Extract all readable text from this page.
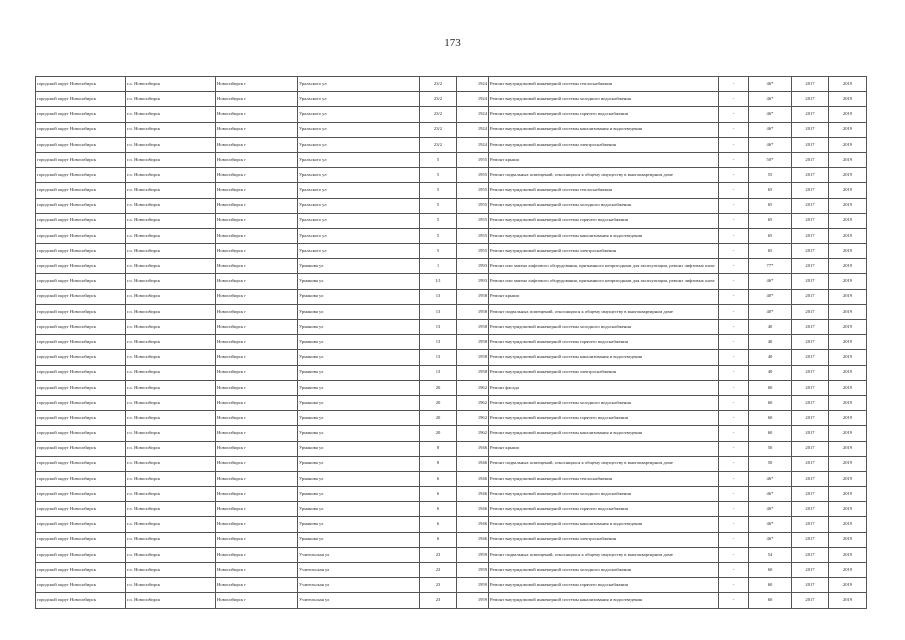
173
городской округ Новосибирск	г.о. Новосибирск	Новосибирск г	Уральского ул	23/2	1924	Ремонт внутридомовой инженерной системы теплоснабжения	-	46*	2017	2019
городской округ Новосибирск	г.о. Новосибирск	Новосибирск г	Уральского ул	23/2	1924	Ремонт внутридомовой инженерной системы холодного водоснабжения	-	46*	2017	2019
городской округ Новосибирск	г.о. Новосибирск	Новосибирск г	Уральского ул	23/2	1924	Ремонт внутридомовой инженерной системы горячего водоснабжения	-	46*	2017	2019
городской округ Новосибирск	г.о. Новосибирск	Новосибирск г	Уральского ул	23/2	1924	Ремонт внутридомовой инженерной системы канализования и водоотведения	-	46*	2017	2019
городской округ Новосибирск	г.о. Новосибирск	Новосибирск г	Уральского ул	23/2	1924	Ремонт внутридомовой инженерной системы электроснабжения	-	46*	2017	2019
городской округ Новосибирск	г.о. Новосибирск	Новосибирск г	Уральского ул	5	1955	Ремонт крыши	-	50*	2017	2019
городской округ Новосибирск	г.о. Новосибирск	Новосибирск г	Уральского ул	5	1955	Ремонт подвальных помещений, относящихся к общему имуществу в многоквартирном доме	-	55	2017	2019
городской округ Новосибирск	г.о. Новосибирск	Новосибирск г	Уральского ул	5	1955	Ремонт внутридомовой инженерной системы теплоснабжения	-	65	2017	2019
городской округ Новосибирск	г.о. Новосибирск	Новосибирск г	Уральского ул	5	1955	Ремонт внутридомовой инженерной системы холодного водоснабжения	-	65	2017	2019
городской округ Новосибирск	г.о. Новосибирск	Новосибирск г	Уральского ул	5	1955	Ремонт внутридомовой инженерной системы горячего водоснабжения	-	65	2017	2019
городской округ Новосибирск	г.о. Новосибирск	Новосибирск г	Уральского ул	5	1955	Ремонт внутридомовой инженерной системы канализования и водоотведения	-	65	2017	2019
городской округ Новосибирск	г.о. Новосибирск	Новосибирск г	Уральского ул	5	1955	Ремонт внутридомовой инженерной системы электроснабжения	-	65	2017	2019
городской округ Новосибирск	г.о. Новосибирск	Новосибирск г	Урманова ул	1	1993	Ремонт или замена лифтового оборудования, признанного непригодным для эксплуатации, ремонт лифтовых шахт	-	77*	2017	2019
городской округ Новосибирск	г.о. Новосибирск	Новосибирск г	Урманова ул	1/1	1993	Ремонт или замена лифтового оборудования, признанного непригодным для эксплуатации, ремонт лифтовых шахт	-	46*	2017	2019
городской округ Новосибирск	г.о. Новосибирск	Новосибирск г	Урманова ул	13	1958	Ремонт крыши	-	40*	2017	2019
городской округ Новосибирск	г.о. Новосибирск	Новосибирск г	Урманова ул	13	1958	Ремонт подвальных помещений, относящихся к общему имуществу в многоквартирном доме	-	40*	2017	2019
городской округ Новосибирск	г.о. Новосибирск	Новосибирск г	Урманова ул	13	1958	Ремонт внутридомовой инженерной системы холодного водоснабжения	-	40	2017	2019
городской округ Новосибирск	г.о. Новосибирск	Новосибирск г	Урманова ул	13	1958	Ремонт внутридомовой инженерной системы горячего водоснабжения	-	40	2017	2019
городской округ Новосибирск	г.о. Новосибирск	Новосибирск г	Урманова ул	13	1958	Ремонт внутридомовой инженерной системы канализования и водоотведения	-	40	2017	2019
городской округ Новосибирск	г.о. Новосибирск	Новосибирск г	Урманова ул	13	1958	Ремонт внутридомовой инженерной системы электроснабжения	-	40	2017	2019
городской округ Новосибирск	г.о. Новосибирск	Новосибирск г	Урманова ул	20	1962	Ремонт фасада	-	60	2017	2019
городской округ Новосибирск	г.о. Новосибирск	Новосибирск г	Урманова ул	20	1962	Ремонт внутридомовой инженерной системы холодного водоснабжения	-	60	2017	2019
городской округ Новосибирск	г.о. Новосибирск	Новосибирск г	Урманова ул	20	1962	Ремонт внутридомовой инженерной системы горячего водоснабжения	-	60	2017	2019
городской округ Новосибирск	г.о. Новосибирск	Новосибирск г	Урманова ул	20	1962	Ремонт внутридомовой инженерной системы канализования и водоотведения	-	60	2017	2019
городской округ Новосибирск	г.о. Новосибирск	Новосибирск г	Урманова ул	8	1946	Ремонт крыши	-	50	2017	2019
городской округ Новосибирск	г.о. Новосибирск	Новосибирск г	Урманова ул	8	1946	Ремонт подвальных помещений, относящихся к общему имуществу в многоквартирном доме	-	50	2017	2019
городской округ Новосибирск	г.о. Новосибирск	Новосибирск г	Урманова ул	6	1946	Ремонт внутридомовой инженерной системы теплоснабжения	-	46*	2017	2019
городской округ Новосибирск	г.о. Новосибирск	Новосибирск г	Урманова ул	6	1946	Ремонт внутридомовой инженерной системы холодного водоснабжения	-	46*	2017	2019
городской округ Новосибирск	г.о. Новосибирск	Новосибирск г	Урманова ул	6	1946	Ремонт внутридомовой инженерной системы горячего водоснабжения	-	46*	2017	2019
городской округ Новосибирск	г.о. Новосибирск	Новосибирск г	Урманова ул	6	1946	Ремонт внутридомовой инженерной системы канализования и водоотведения	-	46*	2017	2019
городской округ Новосибирск	г.о. Новосибирск	Новосибирск г	Урманова ул	6	1946	Ремонт внутридомовой инженерной системы электроснабжения	-	46*	2017	2019
городской округ Новосибирск	г.о. Новосибирск	Новосибирск г	Учительская ул	23	1959	Ремонт подвальных помещений, относящихся к общему имуществу в многоквартирном доме	-	54	2017	2019
городской округ Новосибирск	г.о. Новосибирск	Новосибирск г	Учительская ул	23	1959	Ремонт внутридомовой инженерной системы холодного водоснабжения	-	60	2017	2019
городской округ Новосибирск	г.о. Новосибирск	Новосибирск г	Учительская ул	23	1959	Ремонт внутридомовой инженерной системы горячего водоснабжения	-	60	2017	2019
городской округ Новосибирск	г.о. Новосибирск	Новосибирск г	Учительская ул	23	1959	Ремонт внутридомовой инженерной системы канализования и водоотведения	-	60	2017	2019
